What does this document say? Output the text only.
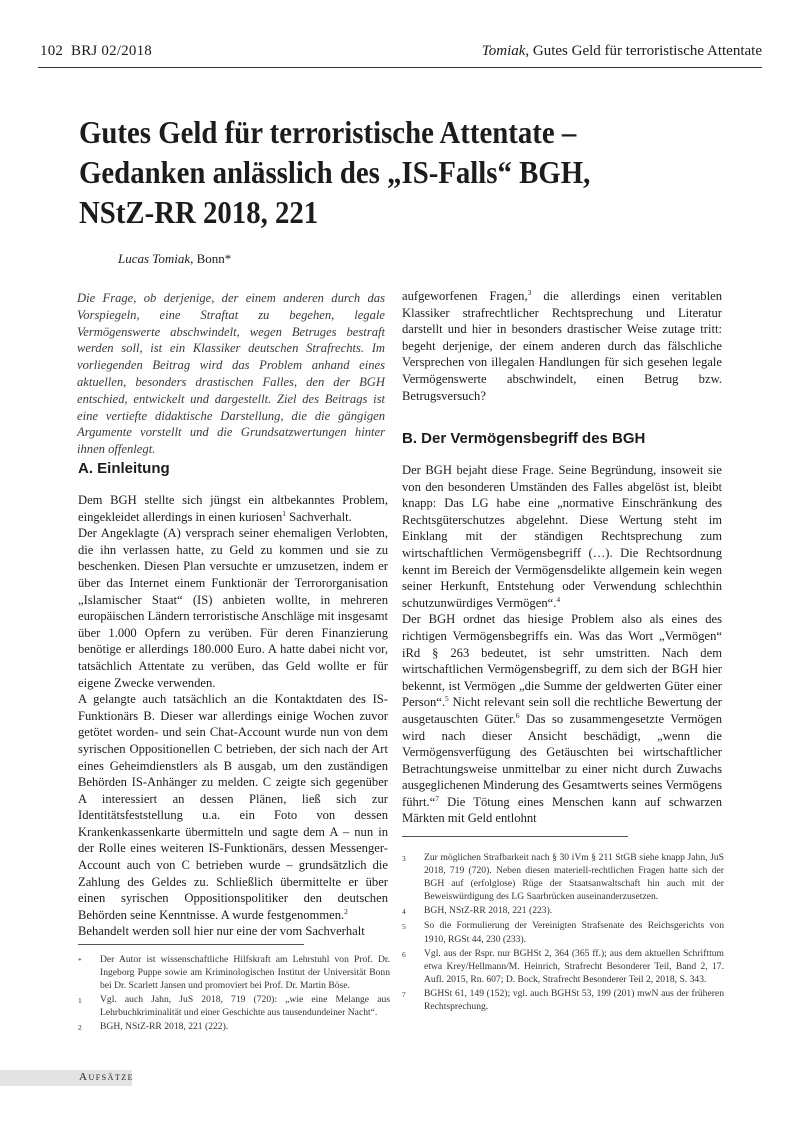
102 BRJ 02/2018	Tomiak, Gutes Geld für terroristische Attentate
Gutes Geld für terroristische Attentate –
Gedanken anlässlich des „IS-Falls“ BGH,
NStZ-RR 2018, 221
Lucas Tomiak, Bonn*

Die Frage, ob derjenige, der einem anderen durch das Vorspiegeln, eine Straftat zu begehen, legale Vermögenswerte abschwindelt, wegen Betruges bestraft werden soll, ist ein Klassiker deutschen Strafrechts. Im vorliegenden Beitrag wird das Problem anhand eines aktuellen, besonders drastischen Falles, den der BGH entschied, entwickelt und dargestellt. Ziel des Beitrags ist eine vertiefte didaktische Darstellung, die die gängigen Argumente vorstellt und die Grundsatzwertungen hinter ihnen offenlegt.

A. Einleitung

Dem BGH stellte sich jüngst ein altbekanntes Problem, eingekleidet allerdings in einen kuriosen$^1$ Sachverhalt.

Der Angeklagte (A) versprach seiner ehemaligen Verlobten, die ihn verlassen hatte, zu Geld zu kommen und sie zu beschenken. Diesen Plan versuchte er umzusetzen, indem er über das Internet einem Funktionär der Terrororganisation „Islamischer Staat“ (IS) anbieten wollte, in mehreren europäischen Ländern terroristische Anschläge mit insgesamt über 1.000 Opfern zu verüben. Für deren Finanzierung benötige er allerdings 180.000 Euro. A hatte dabei nicht vor, tatsächlich Attentate zu verüben, das Geld wollte er für eigene Zwecke verwenden.

A gelangte auch tatsächlich an die Kontaktdaten des IS-Funktionärs B. Dieser war allerdings einige Wochen zuvor getötet worden- und sein Chat-Account wurde nun von dem syrischen Oppositionellen C betrieben, der sich nach der Art eines Geheimdienstlers als B ausgab, um den zuständigen Behörden IS-Anhänger zu melden. C zeigte sich gegenüber A interessiert an dessen Plänen, ließ sich zur Identitätsfeststellung u.a. ein Foto von dessen Krankenkassenkarte übermitteln und sagte dem A – nun in der Rolle eines weiteren IS-Funktionärs, dessen Messenger-Account auch von C betrieben wurde – grundsätzlich die Zahlung des Geldes zu. Schließlich übermittelte er über einen syrischen Oppositionspolitiker den deutschen Behörden seine Kenntnisse. A wurde festgenommen.$^2$

Behandelt werden soll hier nur eine der vom Sachverhalt

aufgeworfenen Fragen,$^3$ die allerdings einen veritablen Klassiker strafrechtlicher Rechtsprechung und Literatur darstellt und hier in besonders drastischer Weise zutage tritt: begeht derjenige, der einem anderen durch das fälschliche Versprechen von illegalen Handlungen für sich gesehen legale Vermögenswerte abschwindelt, einen Betrug bzw. Betrugsversuch?

B. Der Vermögensbegriff des BGH

Der BGH bejaht diese Frage. Seine Begründung, insoweit sie von den besonderen Umständen des Falles abgelöst ist, bleibt knapp: Das LG habe eine „normative Einschränkung des Rechtsgüterschutzes abgelehnt. Diese Wertung steht im Einklang mit der ständigen Rechtsprechung zum wirtschaftlichen Vermögensbegriff (…). Die Rechtsordnung kennt im Bereich der Vermögensdelikte allgemein kein wegen seiner Herkunft, Entstehung oder Verwendung schlechthin schutzunwürdiges Vermögen“.$^4$

Der BGH ordnet das hiesige Problem also als eines des richtigen Vermögensbegriffs ein. Was das Wort „Vermögen“ iRd § 263 bedeutet, ist sehr umstritten. Nach dem wirtschaftlichen Vermögensbegriff, zu dem sich der BGH hier bekennt, ist Vermögen „die Summe der geldwerten Güter einer Person“.$^5$ Nicht relevant sein soll die rechtliche Bewertung der ausgetauschten Güter.$^6$ Das so zusammengesetzte Vermögen wird nach dieser Ansicht beschädigt, „wenn die Vermögensverfügung des Getäuschten bei wirtschaftlicher Betrachtungsweise unmittelbar zu einer nicht durch Zuwachs ausgeglichenen Minderung des Gesamtwerts seines Vermögens führt.“$^7$ Die Tötung eines Menschen kann auf schwarzen Märkten mit Geld entlohnt

*	Der Autor ist wissenschaftliche Hilfskraft am Lehrstuhl von Prof. Dr. Ingeborg Puppe sowie am Kriminologischen Institut der Universität Bonn bei Dr. Scarlett Jansen und promoviert bei Prof. Dr. Martin Böse.
1	Vgl. auch Jahn, JuS 2018, 719 (720): „wie eine Melange aus Lehrbuchkriminalität und einer Geschichte aus tausendundeiner Nacht“.
2	BGH, NStZ-RR 2018, 221 (222).
3	Zur möglichen Strafbarkeit nach § 30 iVm § 211 StGB siehe knapp Jahn, JuS 2018, 719 (720). Neben diesen materiell-rechtlichen Fragen hatte sich der BGH auf (erfolglose) Rüge der Staatsanwaltschaft hin auch mit der Beweiswürdigung des LG Saarbrücken auseinanderzusetzen.
4	BGH, NStZ-RR 2018, 221 (223).
5	So die Formulierung der Vereinigten Strafsenate des Reichsgerichts von 1910, RGSt 44, 230 (233).
6	Vgl. aus der Rspr. nur BGHSt 2, 364 (365 ff.); aus dem aktuellen Schrifttum etwa Krey/Hellmann/M. Heinrich, Strafrecht Besonderer Teil, Band 2, 17. Aufl. 2015, Rn. 607; D. Bock, Strafrecht Besonderer Teil 2, 2018, S. 343.
7	BGHSt 61, 149 (152); vgl. auch BGHSt 53, 199 (201) mwN aus der früheren Rechtsprechung.
Aufsätze
